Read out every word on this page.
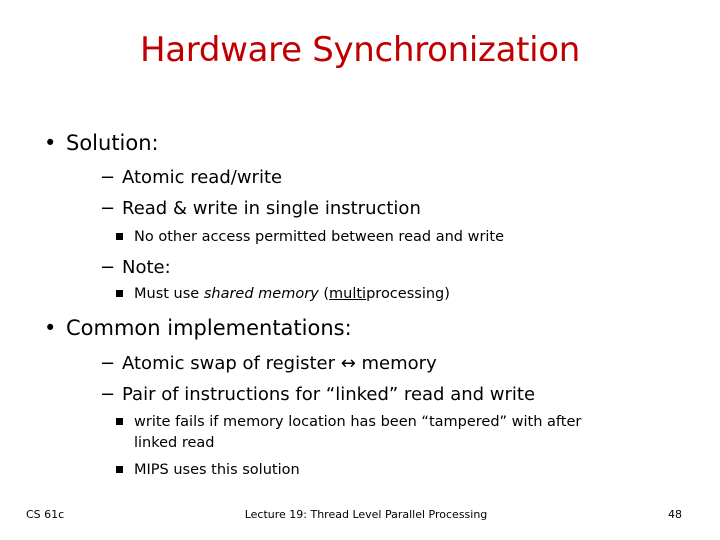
Hardware Synchronization
• Solution:
− Atomic read/write
− Read & write in single instruction
No other access permitted between read and write
− Note:
Must use shared memory (multiprocessing)
• Common implementations:
− Atomic swap of register ↔ memory
− Pair of instructions for “linked” read and write
write fails if memory location has been “tampered” with after
linked read
MIPS uses this solution
CS 61c	Lecture 19: Thread Level Parallel Processing	48
